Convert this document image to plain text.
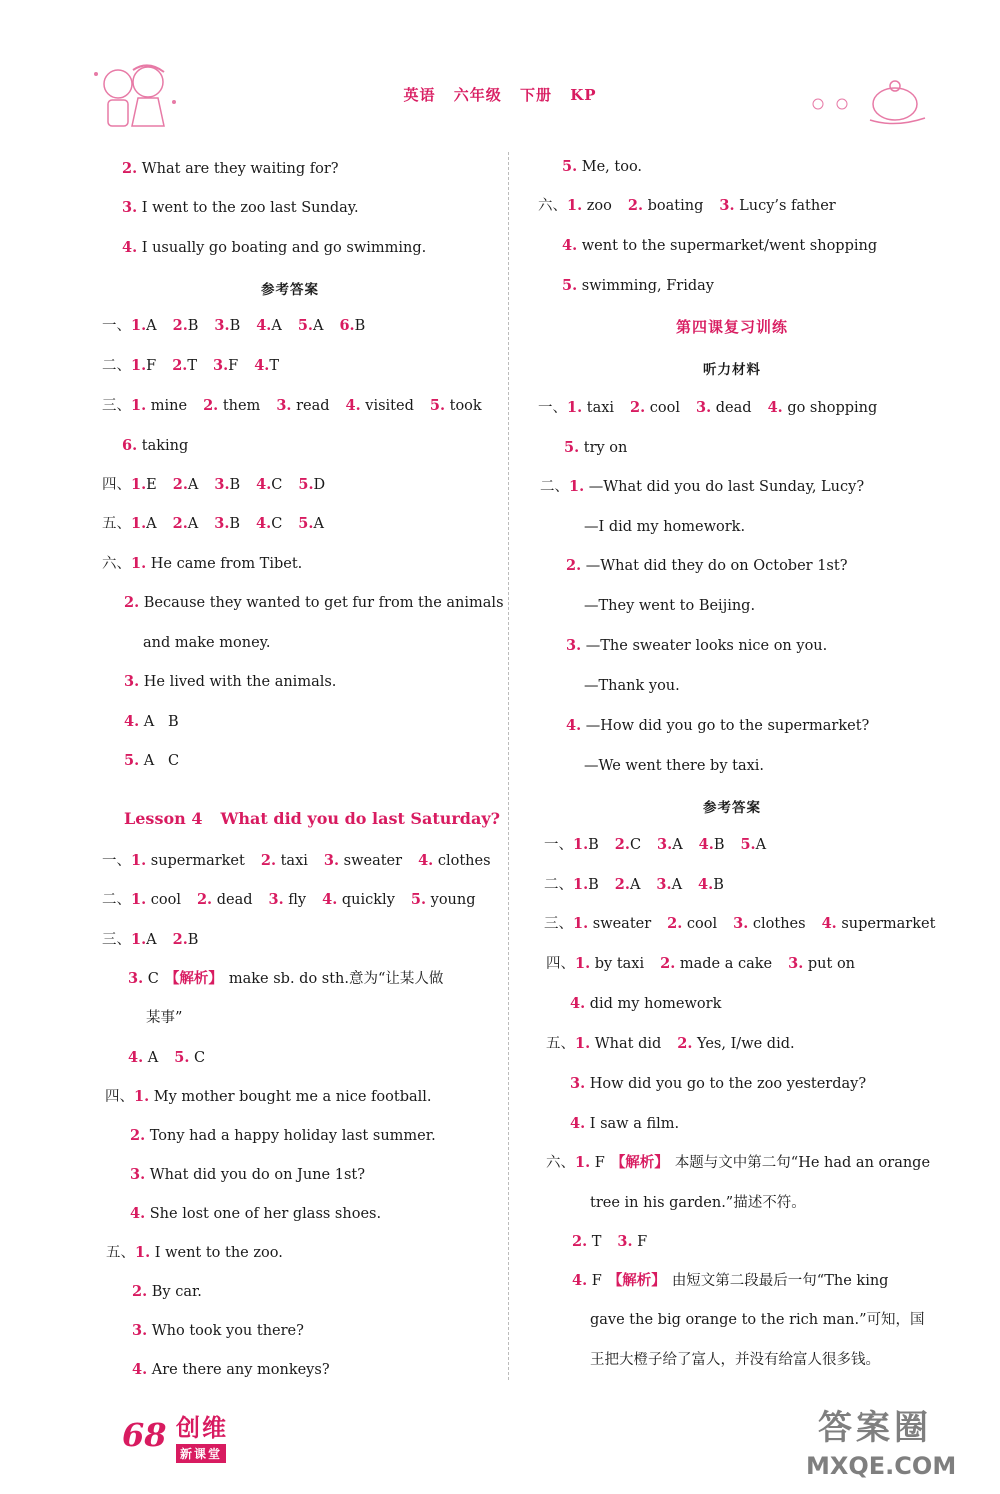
英语 六年级 下册 KP
2. What are they waiting for?
3. I went to the zoo last Sunday.
4. I usually go boating and go swimming.
参考答案
一、1.A 2.B 3.B 4.A 5.A 6.B
二、1.F 2.T 3.F 4.T
三、1. mine 2. them 3. read 4. visited 5. took
6. taking
四、1.E 2.A 3.B 4.C 5.D
五、1.A 2.A 3.B 4.C 5.A
六、1. He came from Tibet.
2. Because they wanted to get fur from the animals
and make money.
3. He lived with the animals.
4. A   B
5. A   C
Lesson 4 What did you do last Saturday?
一、1. supermarket 2. taxi 3. sweater 4. clothes
二、1. cool 2. dead 3. fly 4. quickly 5. young
三、1.A 2.B
3. C 【解析】 make sb. do sth.意为“让某人做
某事”
4. A 5. C
四、1. My mother bought me a nice football.
2. Tony had a happy holiday last summer.
3. What did you do on June 1st?
4. She lost one of her glass shoes.
五、1. I went to the zoo.
2. By car.
3. Who took you there?
4. Are there any monkeys?
5. Me, too.
六、1. zoo 2. boating 3. Lucy’s father
4. went to the supermarket/went shopping
5. swimming, Friday
第四课复习训练
听力材料
一、1. taxi 2. cool 3. dead 4. go shopping
5. try on
二、1. —What did you do last Sunday, Lucy?
—I did my homework.
2. —What did they do on October 1st?
—They went to Beijing.
3. —The sweater looks nice on you.
—Thank you.
4. —How did you go to the supermarket?
—We went there by taxi.
参考答案
一、1.B 2.C 3.A 4.B 5.A
二、1.B 2.A 3.A 4.B
三、1. sweater 2. cool 3. clothes 4. supermarket
四、1. by taxi 2. made a cake 3. put on
4. did my homework
五、1. What did 2. Yes, I/we did.
3. How did you go to the zoo yesterday?
4. I saw a film.
六、1. F 【解析】 本题与文中第二句“He had an orange
tree in his garden.”描述不符。
2. T 3. F
4. F 【解析】 由短文第二段最后一句“The king
gave the big orange to the rich man.”可知，国
王把大橙子给了富人，并没有给富人很多钱。
68 创维
新课堂
答案圈
MXQE.COM
